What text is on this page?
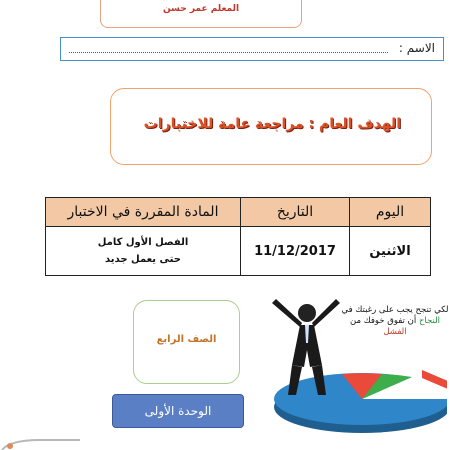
المعلم عمر حسن
الاسم :
الهدف العام : مراجعة عامة للاختبارات
اليوم	التاريخ	المادة المقررة في الاختبار
الاثنين	11/12/2017	الفصل الأول كامل
حتى يعمل جديد
الصف الرابع
الوحدة الأولى
لكي تنجح يجب على رغبتك في النجاح أن تفوق خوفك من الفشل
